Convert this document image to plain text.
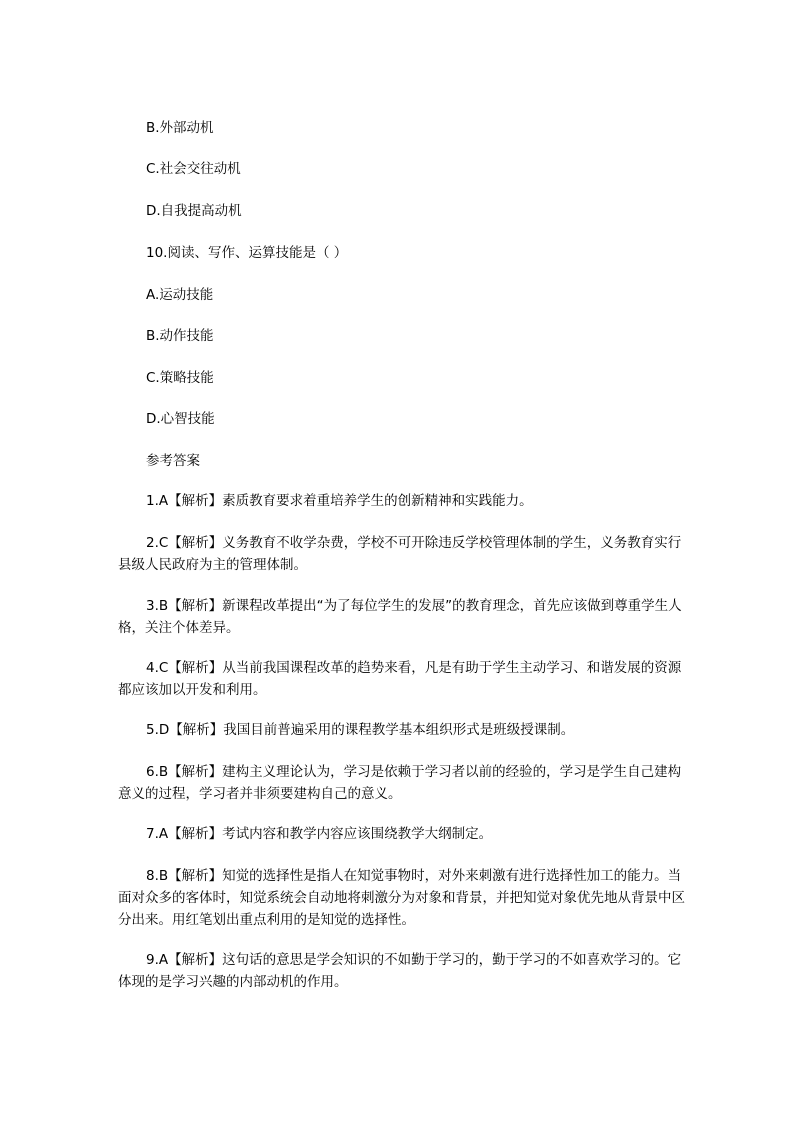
B.外部动机
C.社会交往动机
D.自我提高动机
10.阅读、写作、运算技能是（ ）
A.运动技能
B.动作技能
C.策略技能
D.心智技能
参考答案
1.A【解析】素质教育要求着重培养学生的创新精神和实践能力。
2.C【解析】义务教育不收学杂费，学校不可开除违反学校管理体制的学生，义务教育实行县级人民政府为主的管理体制。
3.B【解析】新课程改革提出“为了每位学生的发展”的教育理念，首先应该做到尊重学生人格，关注个体差异。
4.C【解析】从当前我国课程改革的趋势来看，凡是有助于学生主动学习、和谐发展的资源都应该加以开发和利用。
5.D【解析】我国目前普遍采用的课程教学基本组织形式是班级授课制。
6.B【解析】建构主义理论认为，学习是依赖于学习者以前的经验的，学习是学生自己建构意义的过程，学习者并非须要建构自己的意义。
7.A【解析】考试内容和教学内容应该围绕教学大纲制定。
8.B【解析】知觉的选择性是指人在知觉事物时，对外来刺激有进行选择性加工的能力。当面对众多的客体时，知觉系统会自动地将刺激分为对象和背景，并把知觉对象优先地从背景中区分出来。用红笔划出重点利用的是知觉的选择性。
9.A【解析】这句话的意思是学会知识的不如勤于学习的，勤于学习的不如喜欢学习的。它体现的是学习兴趣的内部动机的作用。
